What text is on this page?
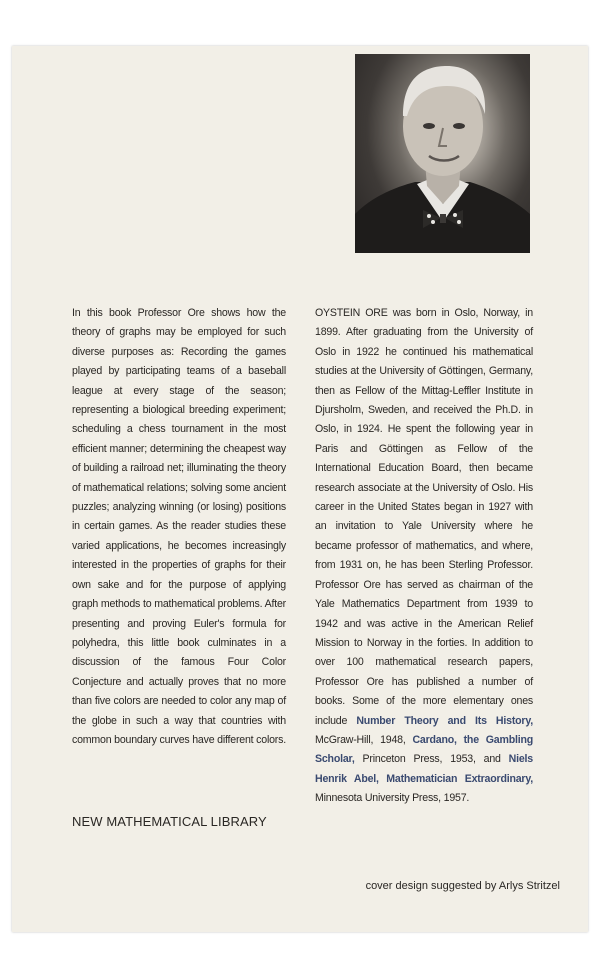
In this book Professor Ore shows how the theory of graphs may be employed for such diverse purposes as: Recording the games played by participating teams of a baseball league at every stage of the season; representing a biological breeding experiment; scheduling a chess tournament in the most efficient manner; determining the cheapest way of building a railroad net; illuminating the theory of mathematical relations; solving some ancient puzzles; analyzing winning (or losing) positions in certain games. As the reader studies these varied applications, he becomes increasingly interested in the properties of graphs for their own sake and for the purpose of applying graph methods to mathematical problems. After presenting and proving Euler's formula for polyhedra, this little book culminates in a discussion of the famous Four Color Conjecture and actually proves that no more than five colors are needed to color any map of the globe in such a way that countries with common boundary curves have different colors.
OYSTEIN ORE was born in Oslo, Norway, in 1899. After graduating from the University of Oslo in 1922 he continued his mathematical studies at the University of Göttingen, Germany, then as Fellow of the Mittag-Leffler Institute in Djursholm, Sweden, and received the Ph.D. in Oslo, in 1924. He spent the following year in Paris and Göttingen as Fellow of the International Education Board, then became research associate at the University of Oslo. His career in the United States began in 1927 with an invitation to Yale University where he became professor of mathematics, and where, from 1931 on, he has been Sterling Professor. Professor Ore has served as chairman of the Yale Mathematics Department from 1939 to 1942 and was active in the American Relief Mission to Norway in the forties. In addition to over 100 mathematical research papers, Professor Ore has published a number of books. Some of the more elementary ones include Number Theory and Its History, McGraw-Hill, 1948, Cardano, the Gambling Scholar, Princeton Press, 1953, and Niels Henrik Abel, Mathematician Extraordinary, Minnesota University Press, 1957.
NEW MATHEMATICAL LIBRARY
cover design suggested by Arlys Stritzel
